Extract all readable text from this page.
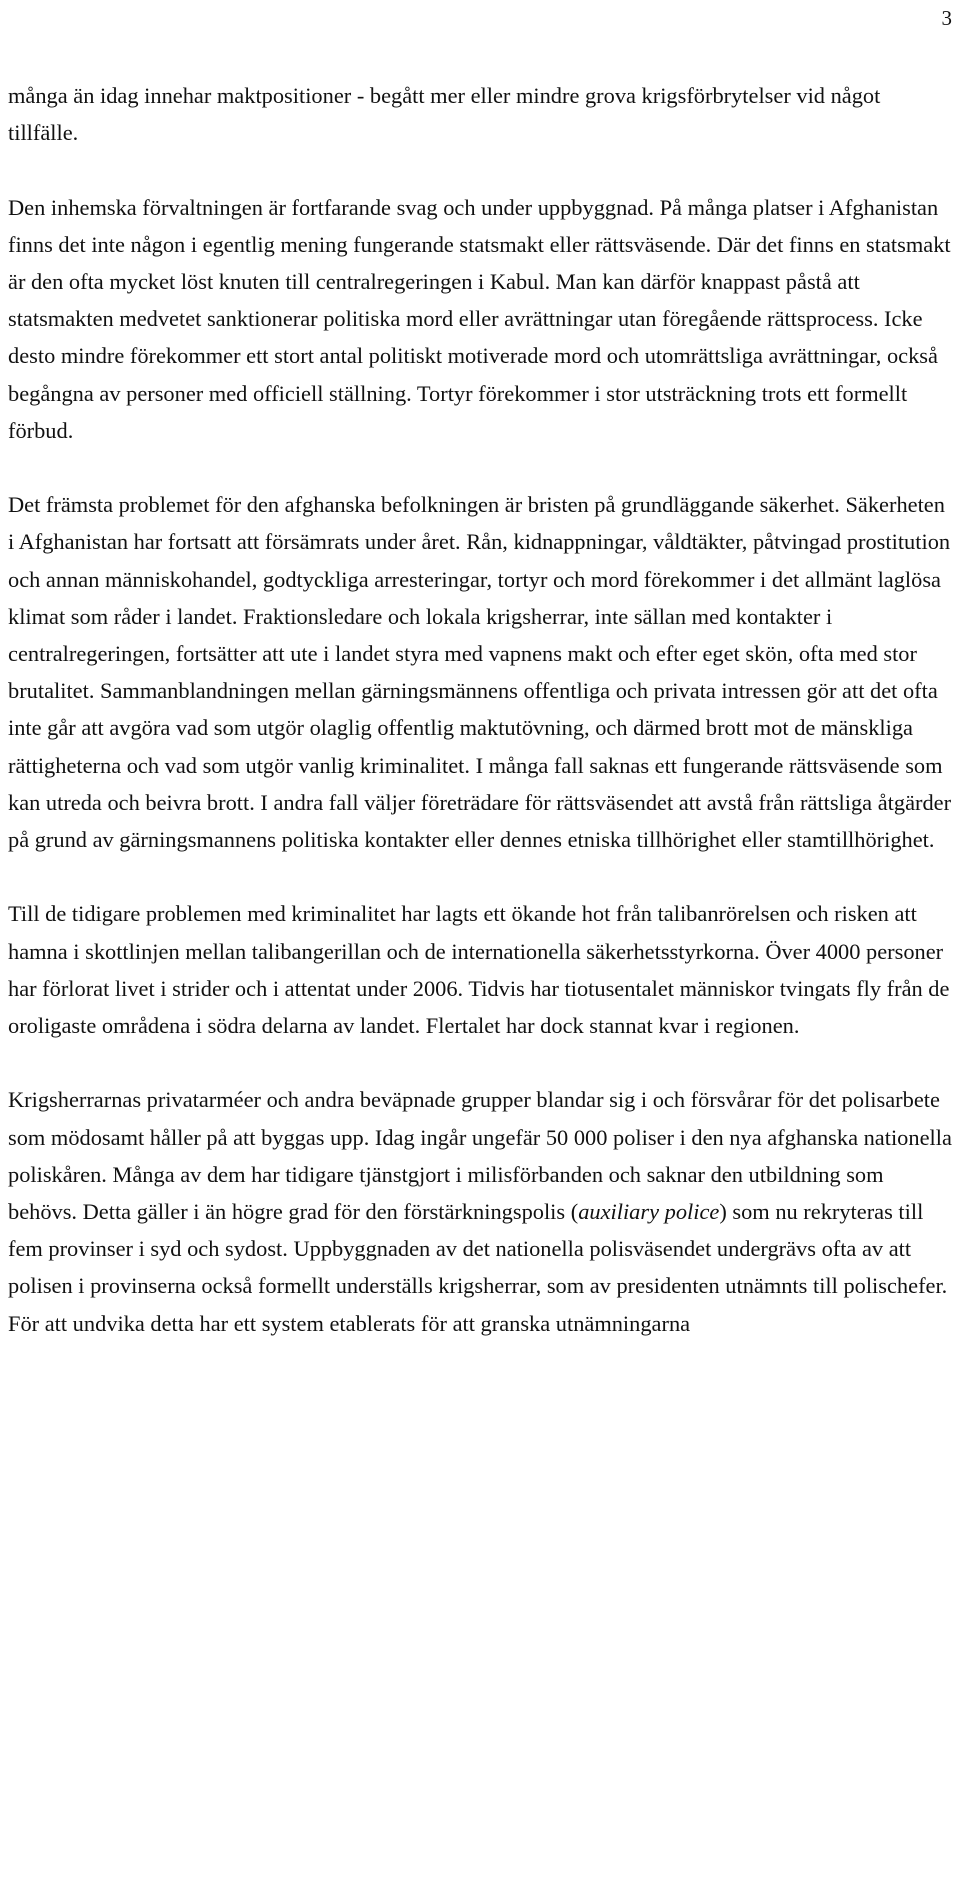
3

många än idag innehar maktpositioner - begått mer eller mindre grova krigsförbrytelser vid något tillfälle.

Den inhemska förvaltningen är fortfarande svag och under uppbyggnad. På många platser i Afghanistan finns det inte någon i egentlig mening fungerande statsmakt eller rättsväsende. Där det finns en statsmakt är den ofta mycket löst knuten till centralregeringen i Kabul. Man kan därför knappast påstå att statsmakten medvetet sanktionerar politiska mord eller avrättningar utan föregående rättsprocess. Icke desto mindre förekommer ett stort antal politiskt motiverade mord och utomrättsliga avrättningar, också begångna av personer med officiell ställning. Tortyr förekommer i stor utsträckning trots ett formellt förbud.

Det främsta problemet för den afghanska befolkningen är bristen på grundläggande säkerhet. Säkerheten i Afghanistan har fortsatt att försämrats under året. Rån, kidnappningar, våldtäkter, påtvingad prostitution och annan människohandel, godtyckliga arresteringar, tortyr och mord förekommer i det allmänt laglösa klimat som råder i landet. Fraktionsledare och lokala krigsherrar, inte sällan med kontakter i centralregeringen, fortsätter att ute i landet styra med vapnens makt och efter eget skön, ofta med stor brutalitet. Sammanblandningen mellan gärningsmännens offentliga och privata intressen gör att det ofta inte går att avgöra vad som utgör olaglig offentlig maktutövning, och därmed brott mot de mänskliga rättigheterna och vad som utgör vanlig kriminalitet. I många fall saknas ett fungerande rättsväsende som kan utreda och beivra brott. I andra fall väljer företrädare för rättsväsendet att avstå från rättsliga åtgärder på grund av gärningsmannens politiska kontakter eller dennes etniska tillhörighet eller stamtillhörighet.

Till de tidigare problemen med kriminalitet har lagts ett ökande hot från talibanrörelsen och risken att hamna i skottlinjen mellan talibangerillan och de internationella säkerhetsstyrkorna. Över 4000 personer har förlorat livet i strider och i attentat under 2006. Tidvis har tiotusentalet människor tvingats fly från de oroligaste områdena i södra delarna av landet. Flertalet har dock stannat kvar i regionen.

Krigsherrarnas privatarméer och andra beväpnade grupper blandar sig i och försvårar för det polisarbete som mödosamt håller på att byggas upp. Idag ingår ungefär 50 000 poliser i den nya afghanska nationella poliskåren. Många av dem har tidigare tjänstgjort i milisförbanden och saknar den utbildning som behövs. Detta gäller i än högre grad för den förstärkningspolis (auxiliary police) som nu rekryteras till fem provinser i syd och sydost. Uppbyggnaden av det nationella polisväsendet undergrävs ofta av att polisen i provinserna också formellt underställs krigsherrar, som av presidenten utnämnts till polischefer. För att undvika detta har ett system etablerats för att granska utnämningarna
